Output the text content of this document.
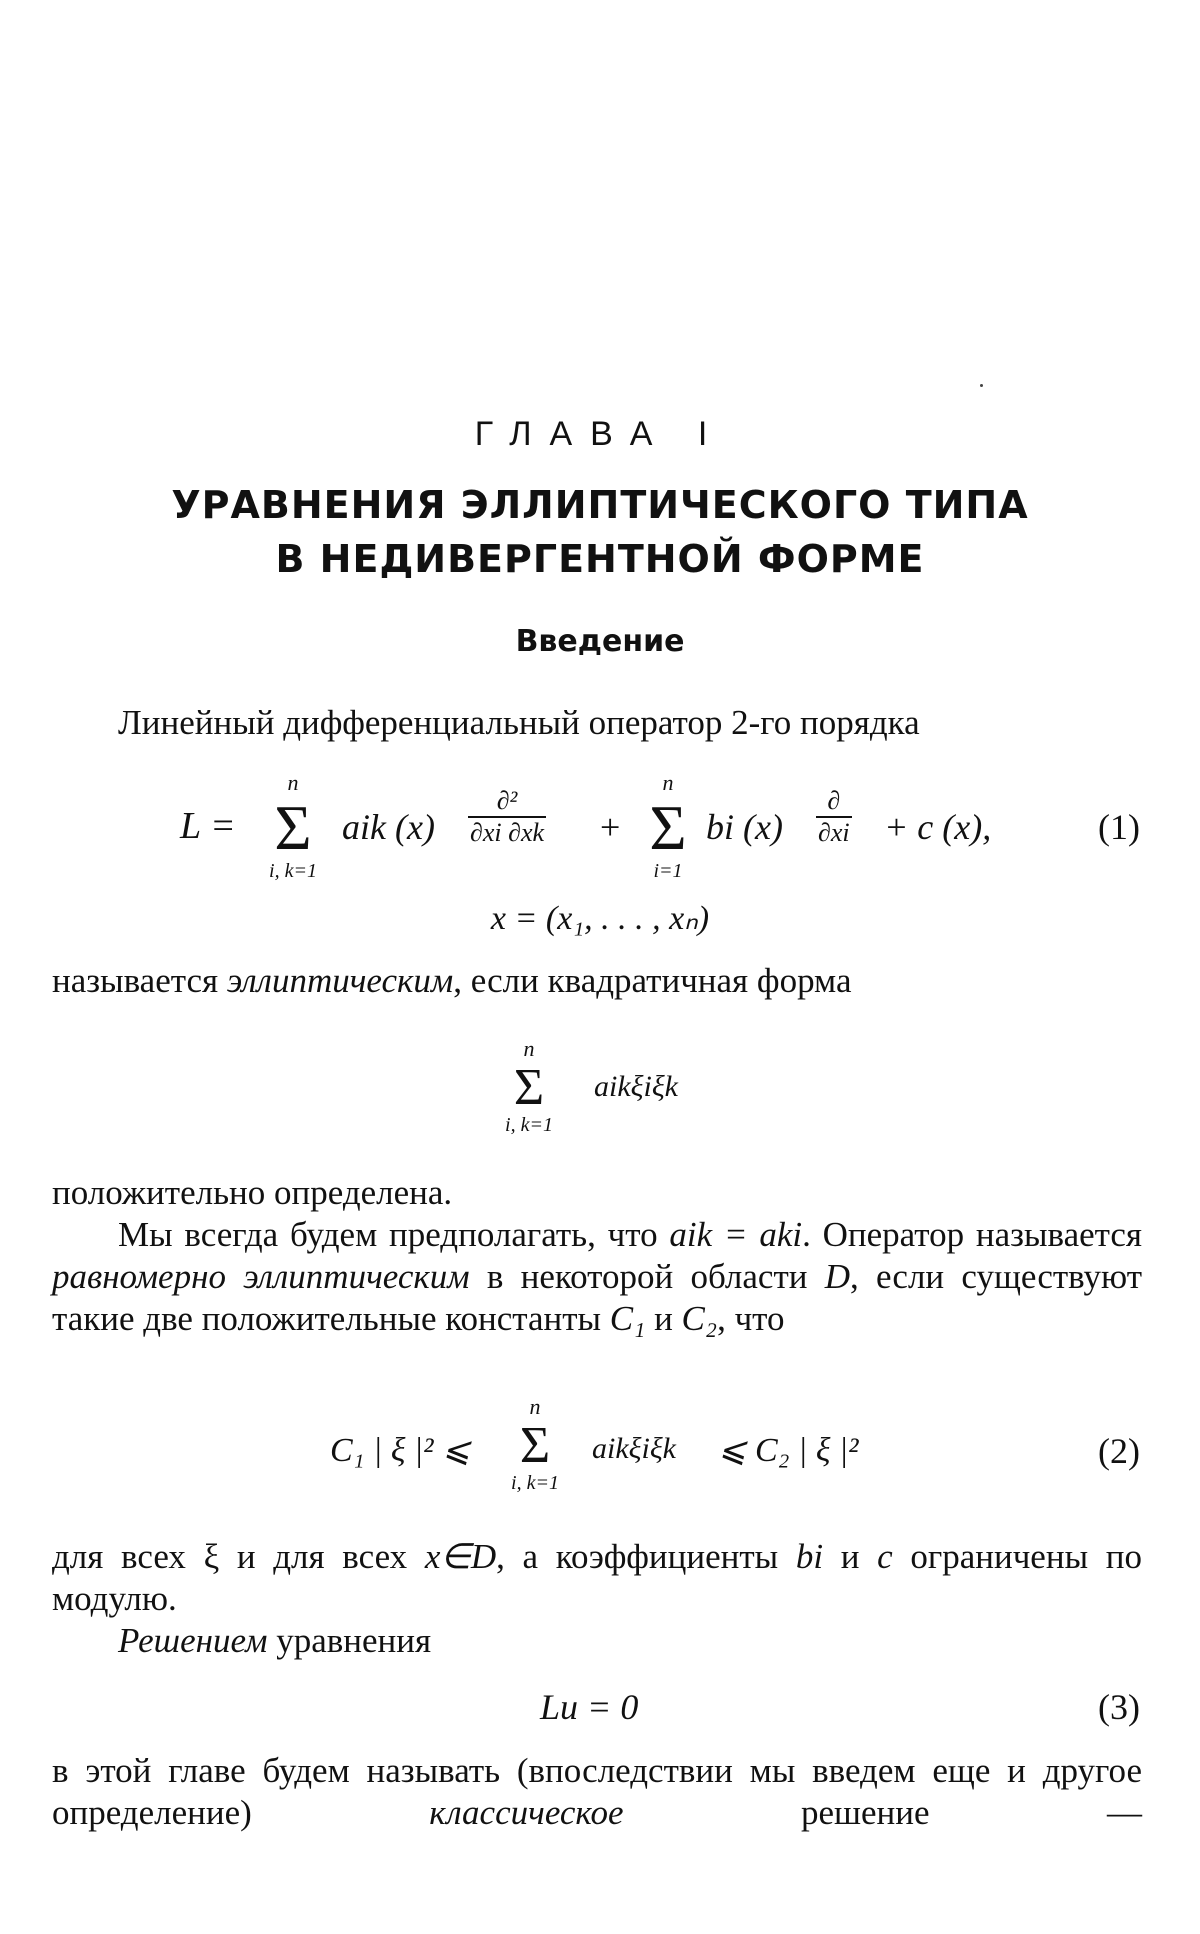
ГЛАВА I
УРАВНЕНИЯ ЭЛЛИПТИЧЕСКОГО ТИПА
В НЕДИВЕРГЕНТНОЙ ФОРМЕ
Введение
Линейный дифференциальный оператор 2-го порядка
L =
n
Σ
i, k=1
aik $(x) \frac{\text{∂²}}{\partial xi \partial xk}$ +
n
Σ
i=1
bi $(x) \frac{\partial}{\partial xi} + c$ (x),	(1)
x = (x₁, . . . , xₙ)
называется эллиптическим, если квадратичная форма
n
Σ
i, k=1
aikξiξk
положительно определена.
Мы всегда будем предполагать, что aik = aki. Оператор называется равномерно эллиптическим в некоторой области D, если существуют такие две положительные константы C₁ и C₂, что
C₁ | ξ |² ⩽
n
Σ
i, k=1
aikξiξk ⩽ C₂ | ξ |²	(2)
для всех ξ и для всех x∈D, а коэффициенты bi и c ограничены по модулю.
Решением уравнения
Lu = 0	(3)
в этой главе будем называть (впоследствии мы введем еще и другое определение) классическое решение —
